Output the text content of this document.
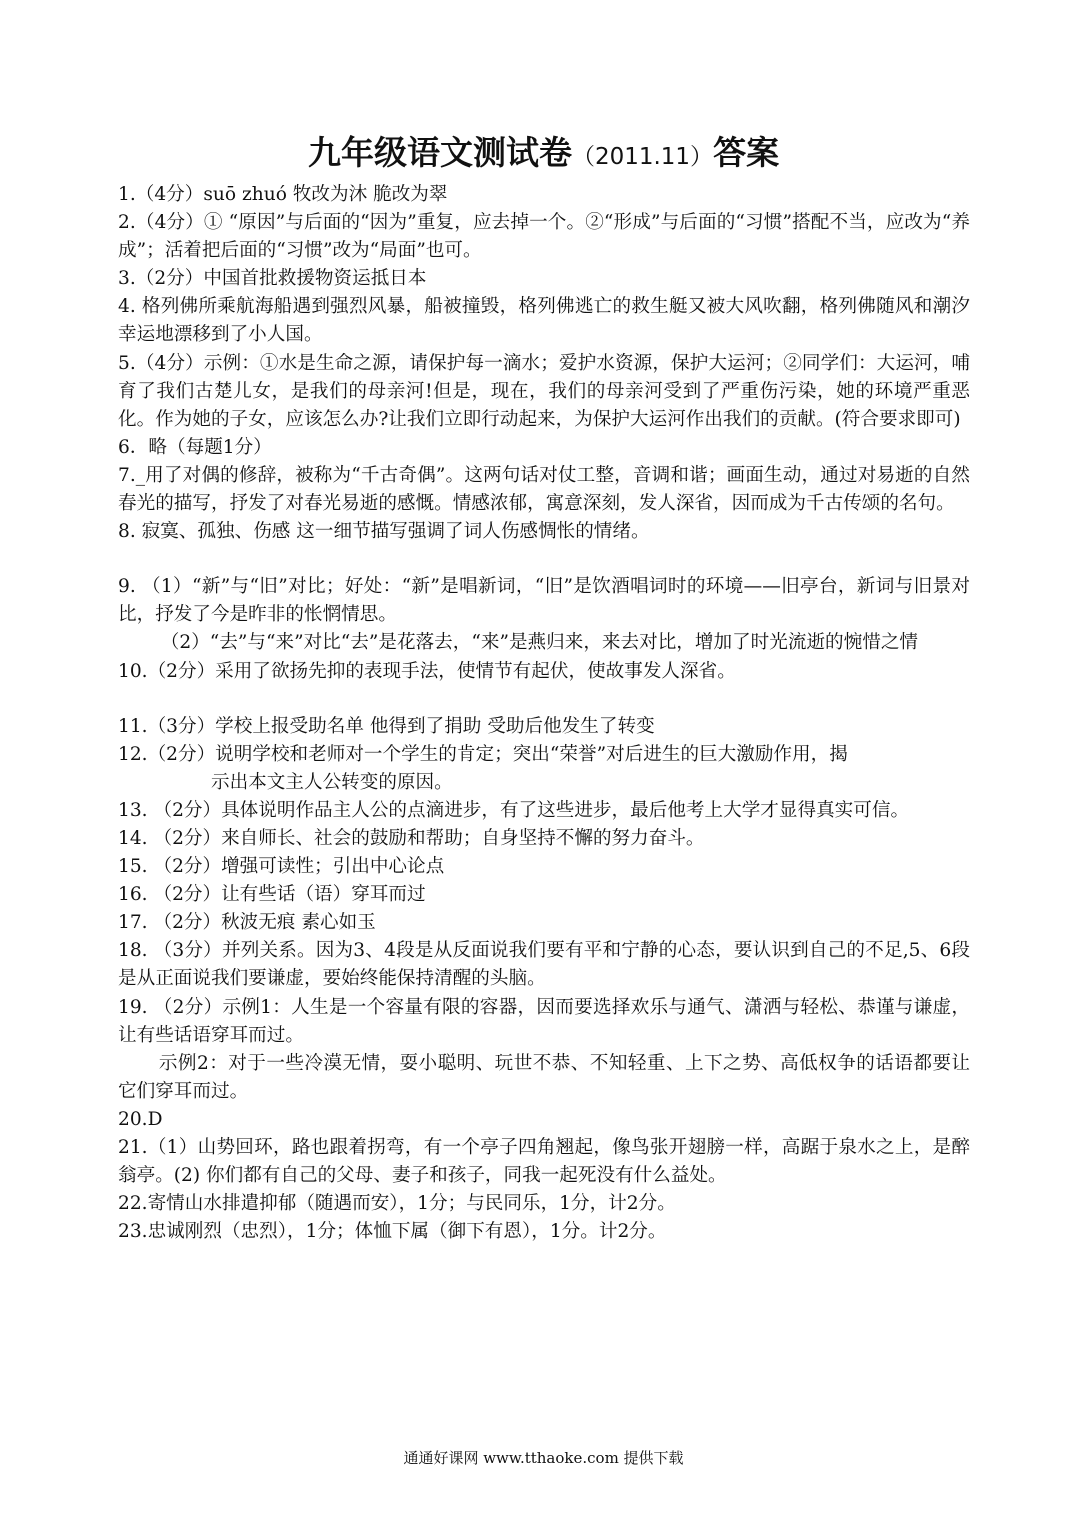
九年级语文测试卷（2011.11）答案

1.（4分）suō zhuó 牧改为沐 脆改为翠

2.（4分）① “原因”与后面的“因为”重复，应去掉一个。②“形成”与后面的“习惯”搭配不当，应改为“养成”；活着把后面的“习惯”改为“局面”也可。

3.（2分）中国首批救援物资运抵日本

4. 格列佛所乘航海船遇到强烈风暴，船被撞毁，格列佛逃亡的救生艇又被大风吹翻，格列佛随风和潮汐幸运地漂移到了小人国。

5.（4分）示例：①水是生命之源，请保护每一滴水；爱护水资源，保护大运河；②同学们：大运河，哺育了我们古楚儿女，是我们的母亲河!但是，现在，我们的母亲河受到了严重伤污染，她的环境严重恶化。作为她的子女，应该怎么办?让我们立即行动起来，为保护大运河作出我们的贡献。(符合要求即可)

6．略（每题1分）

7._用了对偶的修辞，被称为“千古奇偶”。这两句话对仗工整，音调和谐；画面生动，通过对易逝的自然春光的描写，抒发了对春光易逝的感慨。情感浓郁，寓意深刻，发人深省，因而成为千古传颂的名句。

8. 寂寞、孤独、伤感 这一细节描写强调了词人伤感惆怅的情绪。

9. （1）“新”与“旧”对比；好处：“新”是唱新词，“旧”是饮酒唱词时的环境——旧亭台，新词与旧景对比，抒发了今是昨非的怅惘情思。

（2）“去”与“来”对比“去”是花落去，“来”是燕归来，来去对比，增加了时光流逝的惋惜之情

10.（2分）采用了欲扬先抑的表现手法，使情节有起伏，使故事发人深省。

11.（3分）学校上报受助名单 他得到了捐助 受助后他发生了转变

12.（2分）说明学校和老师对一个学生的肯定；突出“荣誉”对后进生的巨大激励作用，揭

示出本文主人公转变的原因。

13. （2分）具体说明作品主人公的点滴进步，有了这些进步，最后他考上大学才显得真实可信。

14. （2分）来自师长、社会的鼓励和帮助；自身坚持不懈的努力奋斗。

15. （2分）增强可读性；引出中心论点

16. （2分）让有些话（语）穿耳而过

17. （2分）秋波无痕 素心如玉

18. （3分）并列关系。因为3、4段是从反面说我们要有平和宁静的心态，要认识到自己的不足,5、6段是从正面说我们要谦虚，要始终能保持清醒的头脑。

19. （2分）示例1：人生是一个容量有限的容器，因而要选择欢乐与通气、潇洒与轻松、恭谨与谦虚，让有些话语穿耳而过。

示例2：对于一些冷漠无情，耍小聪明、玩世不恭、不知轻重、上下之势、高低权争的话语都要让它们穿耳而过。

20.D

21.（1）山势回环，路也跟着拐弯，有一个亭子四角翘起，像鸟张开翅膀一样，高踞于泉水之上，是醉翁亭。(2) 你们都有自己的父母、妻子和孩子，同我一起死没有什么益处。

22.寄情山水排遣抑郁（随遇而安），1分；与民同乐，1分，计2分。

23.忠诚刚烈（忠烈），1分；体恤下属（御下有恩），1分。计2分。

通通好课网 www.tthaoke.com 提供下载
